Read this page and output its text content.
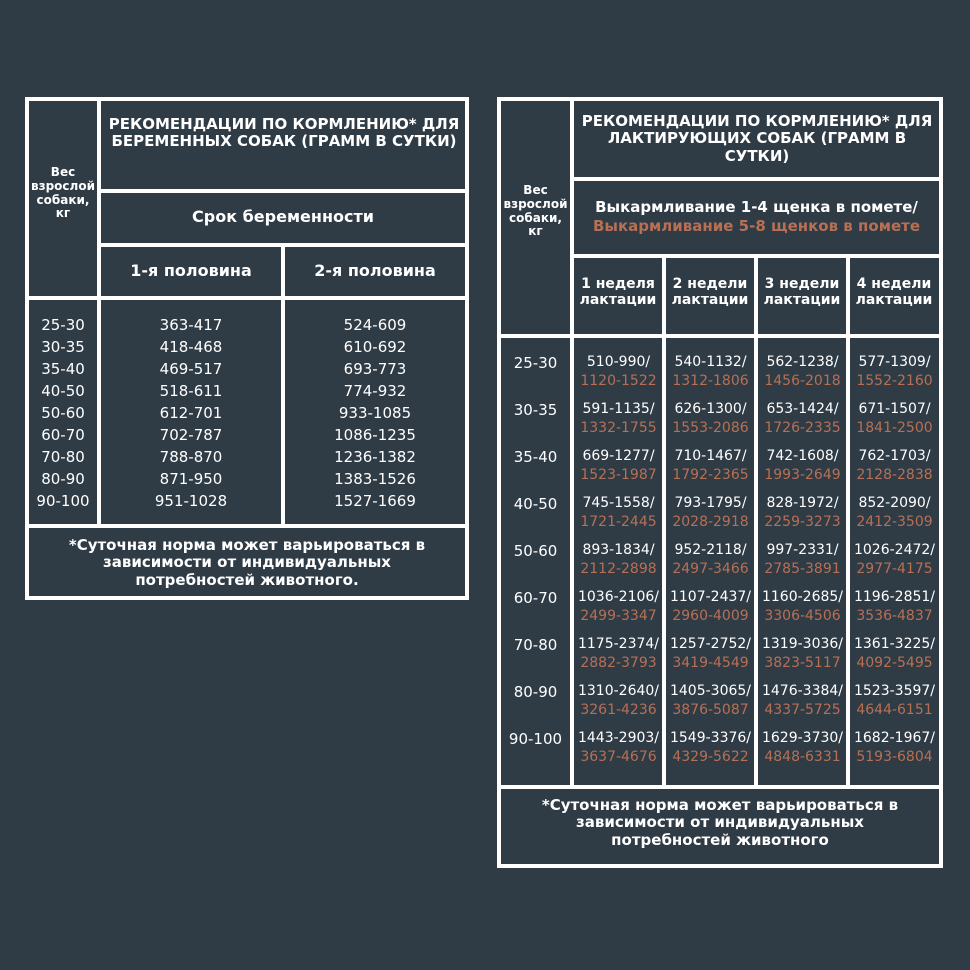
Вес взрослой собаки, кг
РЕКОМЕНДАЦИИ ПО КОРМЛЕНИЮ* ДЛЯ БЕРЕМЕННЫХ СОБАК (ГРАММ В СУТКИ)
Срок беременности
1-я половина	2-я половина
25-30	363-417	524-609
30-35	418-468	610-692
35-40	469-517	693-773
40-50	518-611	774-932
50-60	612-701	933-1085
60-70	702-787	1086-1235
70-80	788-870	1236-1382
80-90	871-950	1383-1526
90-100	951-1028	1527-1669
*Суточная норма может варьироваться в зависимости от индивидуальных потребностей животного.
Вес взрослой собаки, кг
РЕКОМЕНДАЦИИ ПО КОРМЛЕНИЮ* ДЛЯ ЛАКТИРУЮЩИХ СОБАК (ГРАММ В СУТКИ)
Выкармливание 1-4 щенка в помете/
Выкармливание 5-8 щенков в помете
1 неделя лактации
2 недели лактации
3 недели лактации
4 недели лактации
25-30	510-990/
1120-1522
540-1132/
1312-1806
562-1238/
1456-2018
577-1309/
1552-2160
30-35	591-1135/
1332-1755
626-1300/
1553-2086
653-1424/
1726-2335
671-1507/
1841-2500
35-40	669-1277/
1523-1987
710-1467/
1792-2365
742-1608/
1993-2649
762-1703/
2128-2838
40-50	745-1558/
1721-2445
793-1795/
2028-2918
828-1972/
2259-3273
852-2090/
2412-3509
50-60	893-1834/
2112-2898
952-2118/
2497-3466
997-2331/
2785-3891
1026-2472/
2977-4175
60-70	1036-2106/
2499-3347
1107-2437/
2960-4009
1160-2685/
3306-4506
1196-2851/
3536-4837
70-80	1175-2374/
2882-3793
1257-2752/
3419-4549
1319-3036/
3823-5117
1361-3225/
4092-5495
80-90	1310-2640/
3261-4236
1405-3065/
3876-5087
1476-3384/
4337-5725
1523-3597/
4644-6151
90-100	1443-2903/
3637-4676
1549-3376/
4329-5622
1629-3730/
4848-6331
1682-1967/
5193-6804
*Суточная норма может варьироваться в зависимости от индивидуальных потребностей животного
